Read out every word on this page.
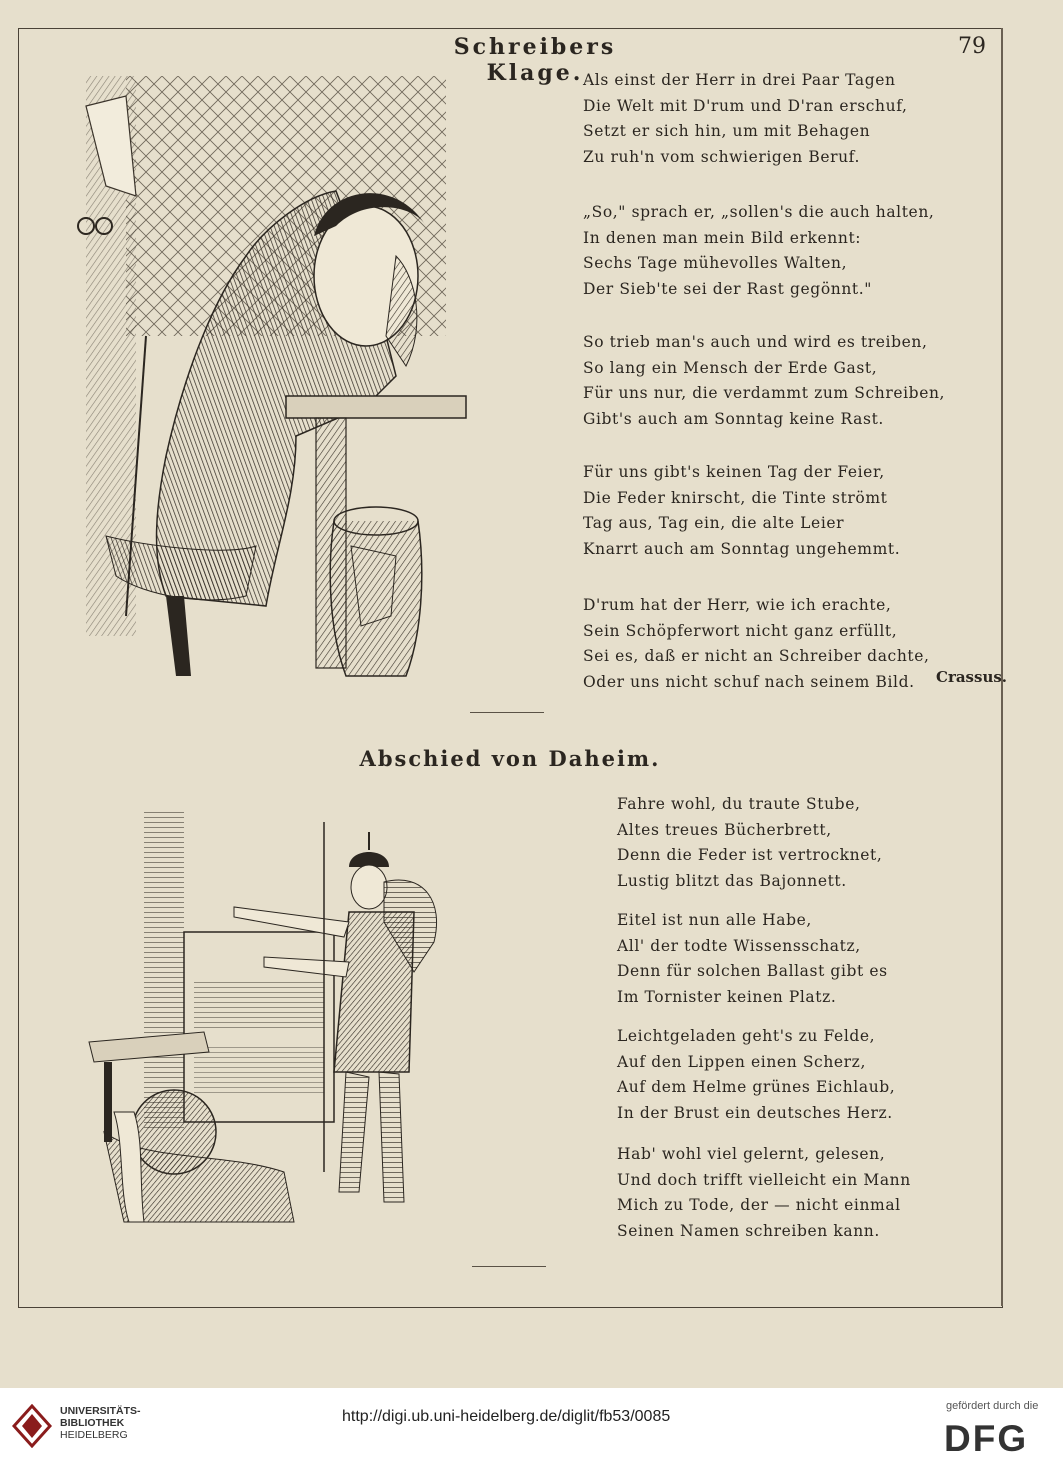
Schreibers Klage.
79
Als einst der Herr in drei Paar Tagen
Die Welt mit D'rum und D'ran erschuf,
Setzt er sich hin, um mit Behagen
Zu ruh'n vom schwierigen Beruf.
„So," sprach er, „sollen's die auch halten,
In denen man mein Bild erkennt:
Sechs Tage mühevolles Walten,
Der Sieb'te sei der Rast gegönnt."
So trieb man's auch und wird es treiben,
So lang ein Mensch der Erde Gast,
Für uns nur, die verdammt zum Schreiben,
Gibt's auch am Sonntag keine Rast.
Für uns gibt's keinen Tag der Feier,
Die Feder knirscht, die Tinte strömt
Tag aus, Tag ein, die alte Leier
Knarrt auch am Sonntag ungehemmt.
D'rum hat der Herr, wie ich erachte,
Sein Schöpferwort nicht ganz erfüllt,
Sei es, daß er nicht an Schreiber dachte,
Oder uns nicht schuf nach seinem Bild.	Crassus.
Abschied von Daheim.
Fahre wohl, du traute Stube,
Altes treues Bücherbrett,
Denn die Feder ist vertrocknet,
Lustig blitzt das Bajonnett.
Eitel ist nun alle Habe,
All' der todte Wissensschatz,
Denn für solchen Ballast gibt es
Im Tornister keinen Platz.
Leichtgeladen geht's zu Felde,
Auf den Lippen einen Scherz,
Auf dem Helme grünes Eichlaub,
In der Brust ein deutsches Herz.
Hab' wohl viel gelernt, gelesen,
Und doch trifft vielleicht ein Mann
Mich zu Tode, der — nicht einmal
Seinen Namen schreiben kann.
UNIVERSITÄTS-
BIBLIOTHEK
HEIDELBERG
http://digi.ub.uni-heidelberg.de/diglit/fb53/0085
gefördert durch die
DFG
